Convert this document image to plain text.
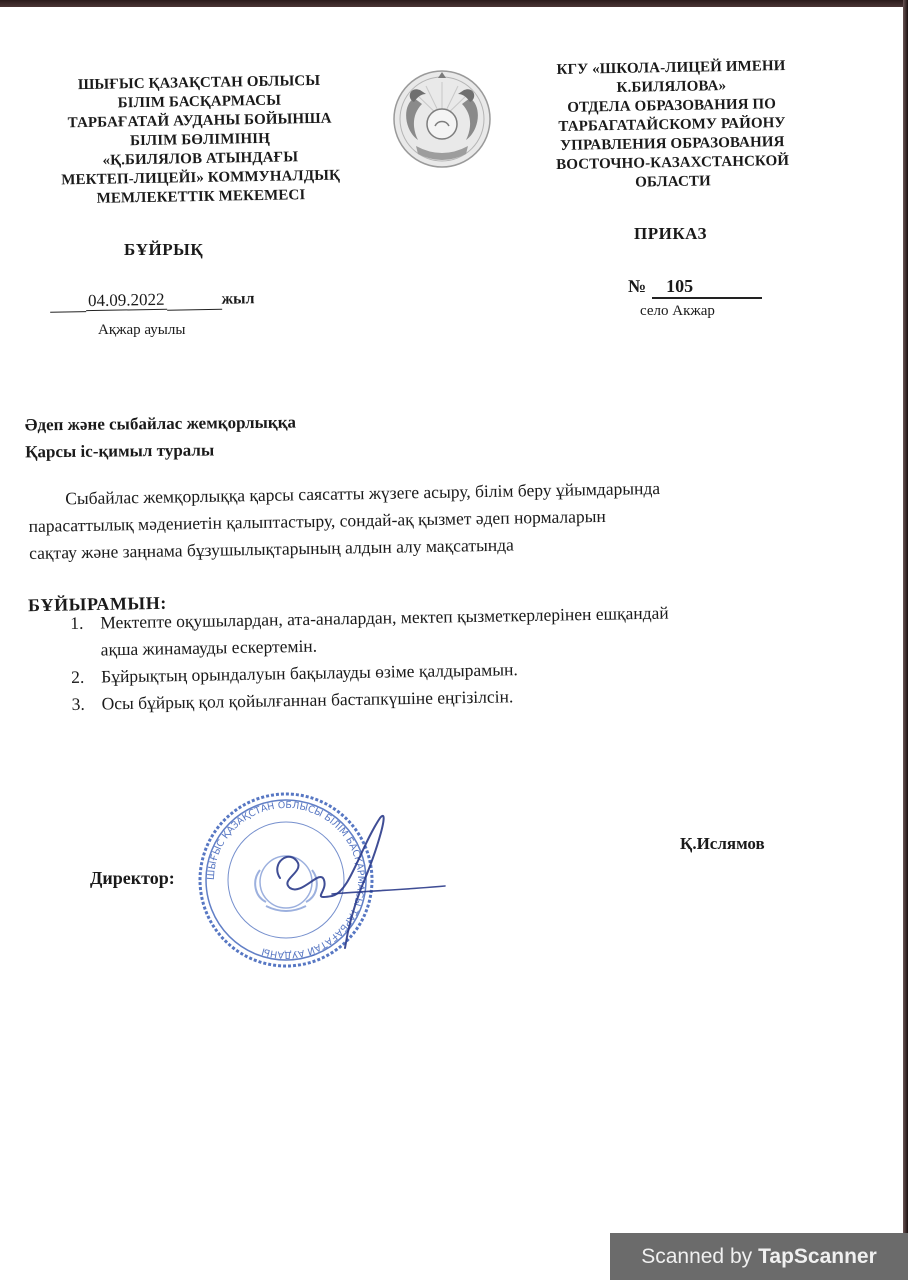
ШЫҒЫС ҚАЗАҚСТАН ОБЛЫСЫ
БІЛІМ БАСҚАРМАСЫ
ТАРБАҒАТАЙ АУДАНЫ БОЙЫНША
БІЛІМ БӨЛІМІНІҢ
«Қ.БИЛЯЛОВ АТЫНДАҒЫ
МЕКТЕП-ЛИЦЕЙІ» КОММУНАЛДЫҚ
МЕМЛЕКЕТТІК МЕКЕМЕСІ
КГУ «ШКОЛА-ЛИЦЕЙ ИМЕНИ
К.БИЛЯЛОВА»
ОТДЕЛА ОБРАЗОВАНИЯ ПО
ТАРБАГАТАЙСКОМУ РАЙОНУ
УПРАВЛЕНИЯ ОБРАЗОВАНИЯ
ВОСТОЧНО-КАЗАХСТАНСКОЙ
ОБЛАСТИ
БҰЙРЫҚ
ПРИКАЗ
04.09.2022	жыл
Ақжар ауылы
№ 105
село Акжар
Әдеп және сыбайлас жемқорлыққа
Қарсы іс-қимыл туралы
Сыбайлас жемқорлыққа қарсы саясатты жүзеге асыру, білім беру ұйымдарында
парасаттылық мәдениетін қалыптастыру, сондай-ақ қызмет әдеп нормаларын
сақтау және заңнама бұзушылықтарының алдын алу мақсатында
БҰЙЫРАМЫН:
1. Мектепте оқушылардан, ата-аналардан, мектеп қызметкерлерінен ешқандай
ақша жинамауды ескертемін.
2. Бұйрықтың орындалуын бақылауды өзіме қалдырамын.
3. Осы бұйрық қол қойылғаннан бастапкүшіне еңгізілсін.
ШЫҒЫС ҚАЗАҚСТАН ОБЛЫСЫ БІЛІМ БАСҚАРМАСЫ ТАРБАҒАТАЙ АУДАНЫ
Директор:
Қ.Ислямов
Scanned by TapScanner
